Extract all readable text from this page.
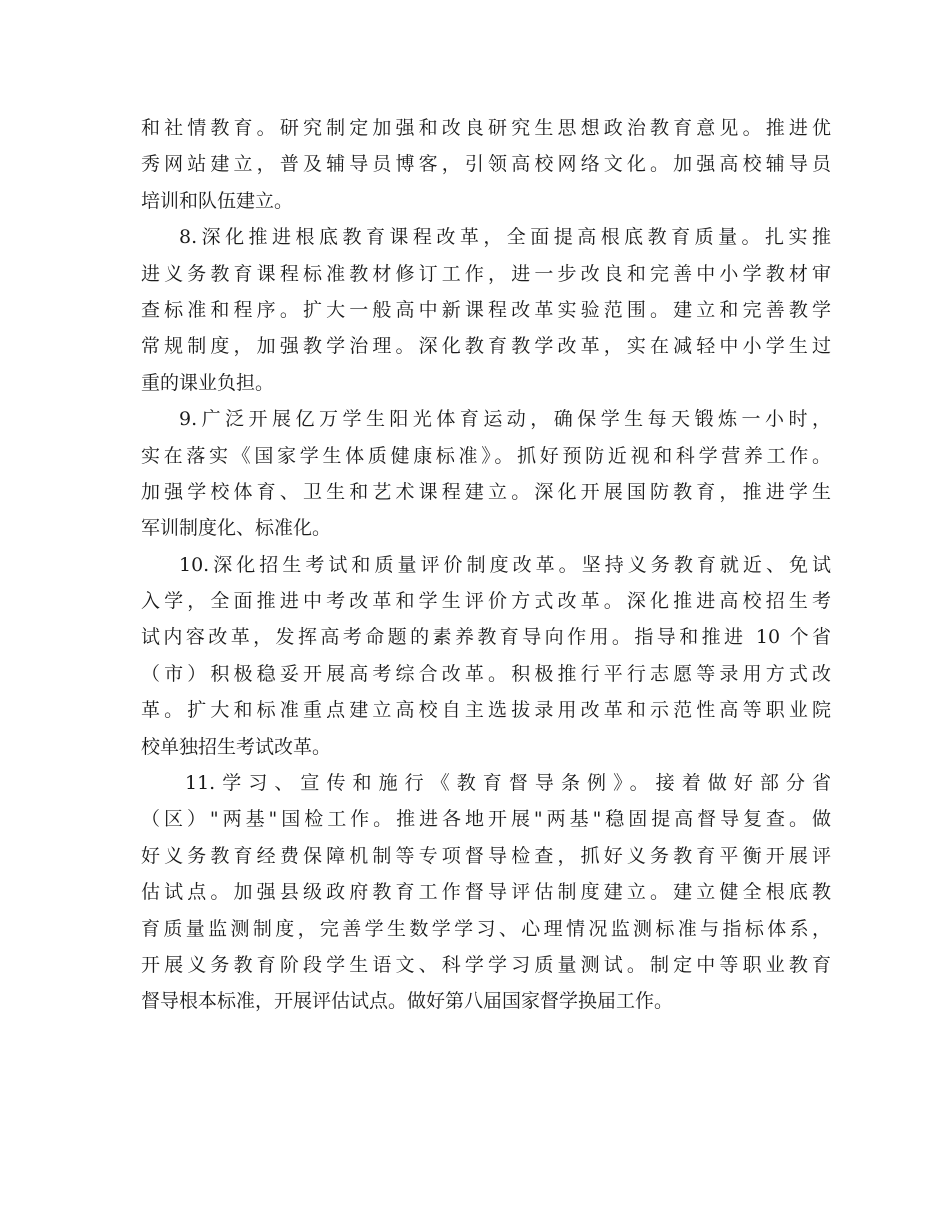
和社情教育。研究制定加强和改良研究生思想政治教育意见。推进优
秀网站建立，普及辅导员博客，引领高校网络文化。加强高校辅导员
培训和队伍建立。
8.深化推进根底教育课程改革，全面提高根底教育质量。扎实推
进义务教育课程标准教材修订工作，进一步改良和完善中小学教材审
查标准和程序。扩大一般高中新课程改革实验范围。建立和完善教学
常规制度，加强教学治理。深化教育教学改革，实在减轻中小学生过
重的课业负担。
9.广泛开展亿万学生阳光体育运动，确保学生每天锻炼一小时，
实在落实《国家学生体质健康标准》。抓好预防近视和科学营养工作。
加强学校体育、卫生和艺术课程建立。深化开展国防教育，推进学生
军训制度化、标准化。
10.深化招生考试和质量评价制度改革。坚持义务教育就近、免试
入学，全面推进中考改革和学生评价方式改革。深化推进高校招生考
试内容改革，发挥高考命题的素养教育导向作用。指导和推进 10 个省
（市）积极稳妥开展高考综合改革。积极推行平行志愿等录用方式改
革。扩大和标准重点建立高校自主选拔录用改革和示范性高等职业院
校单独招生考试改革。
11.学习、宣传和施行《教育督导条例》。接着做好部分省
（区）"两基"国检工作。推进各地开展"两基"稳固提高督导复查。做
好义务教育经费保障机制等专项督导检查，抓好义务教育平衡开展评
估试点。加强县级政府教育工作督导评估制度建立。建立健全根底教
育质量监测制度，完善学生数学学习、心理情况监测标准与指标体系，
开展义务教育阶段学生语文、科学学习质量测试。制定中等职业教育
督导根本标准，开展评估试点。做好第八届国家督学换届工作。
